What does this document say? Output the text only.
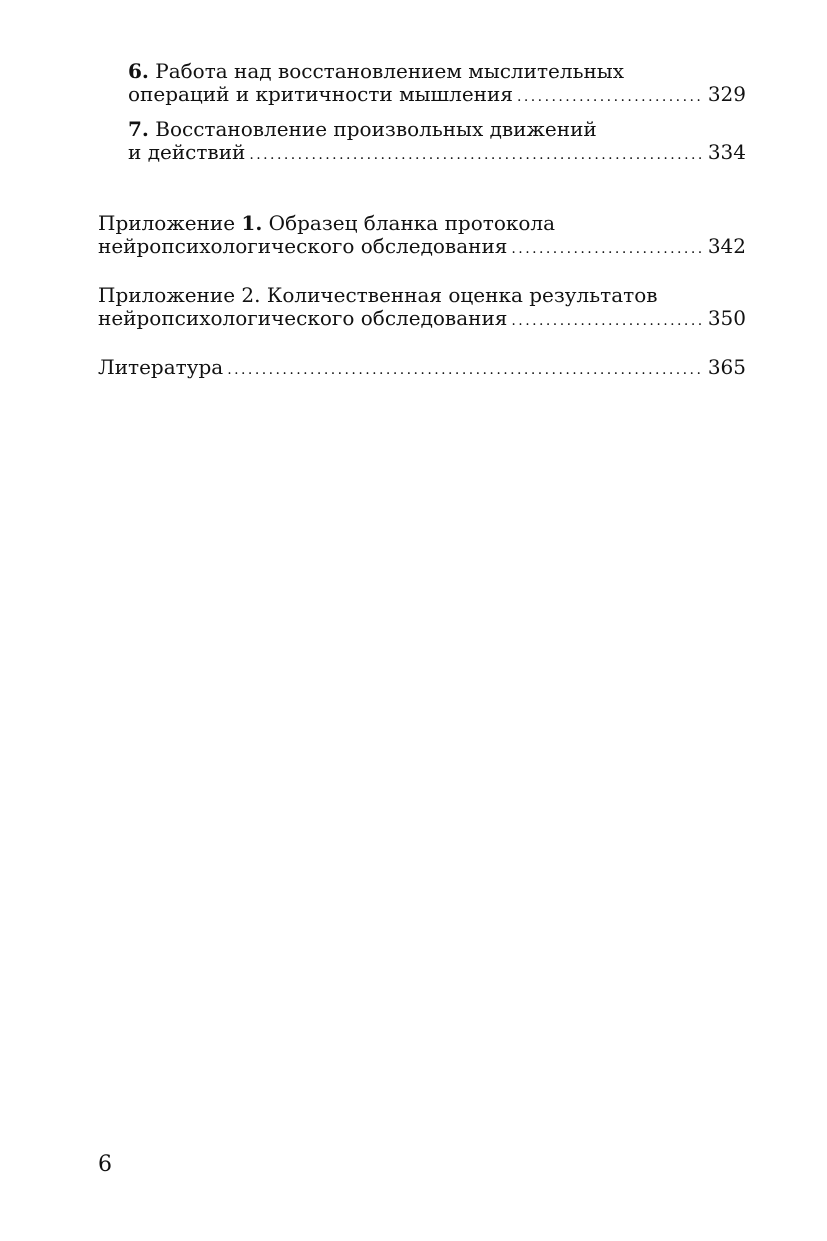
6. Работа над восстановлением мыслительных
операций и критичности мышления . . .	329
7. Восстановление произвольных движений
и действий . . .	334
Приложение 1. Образец бланка протокола
нейропсихологического обследования . . .	342
Приложение 2. Количественная оценка результатов
нейропсихологического обследования . . .	350
Литература . . .	365
6
